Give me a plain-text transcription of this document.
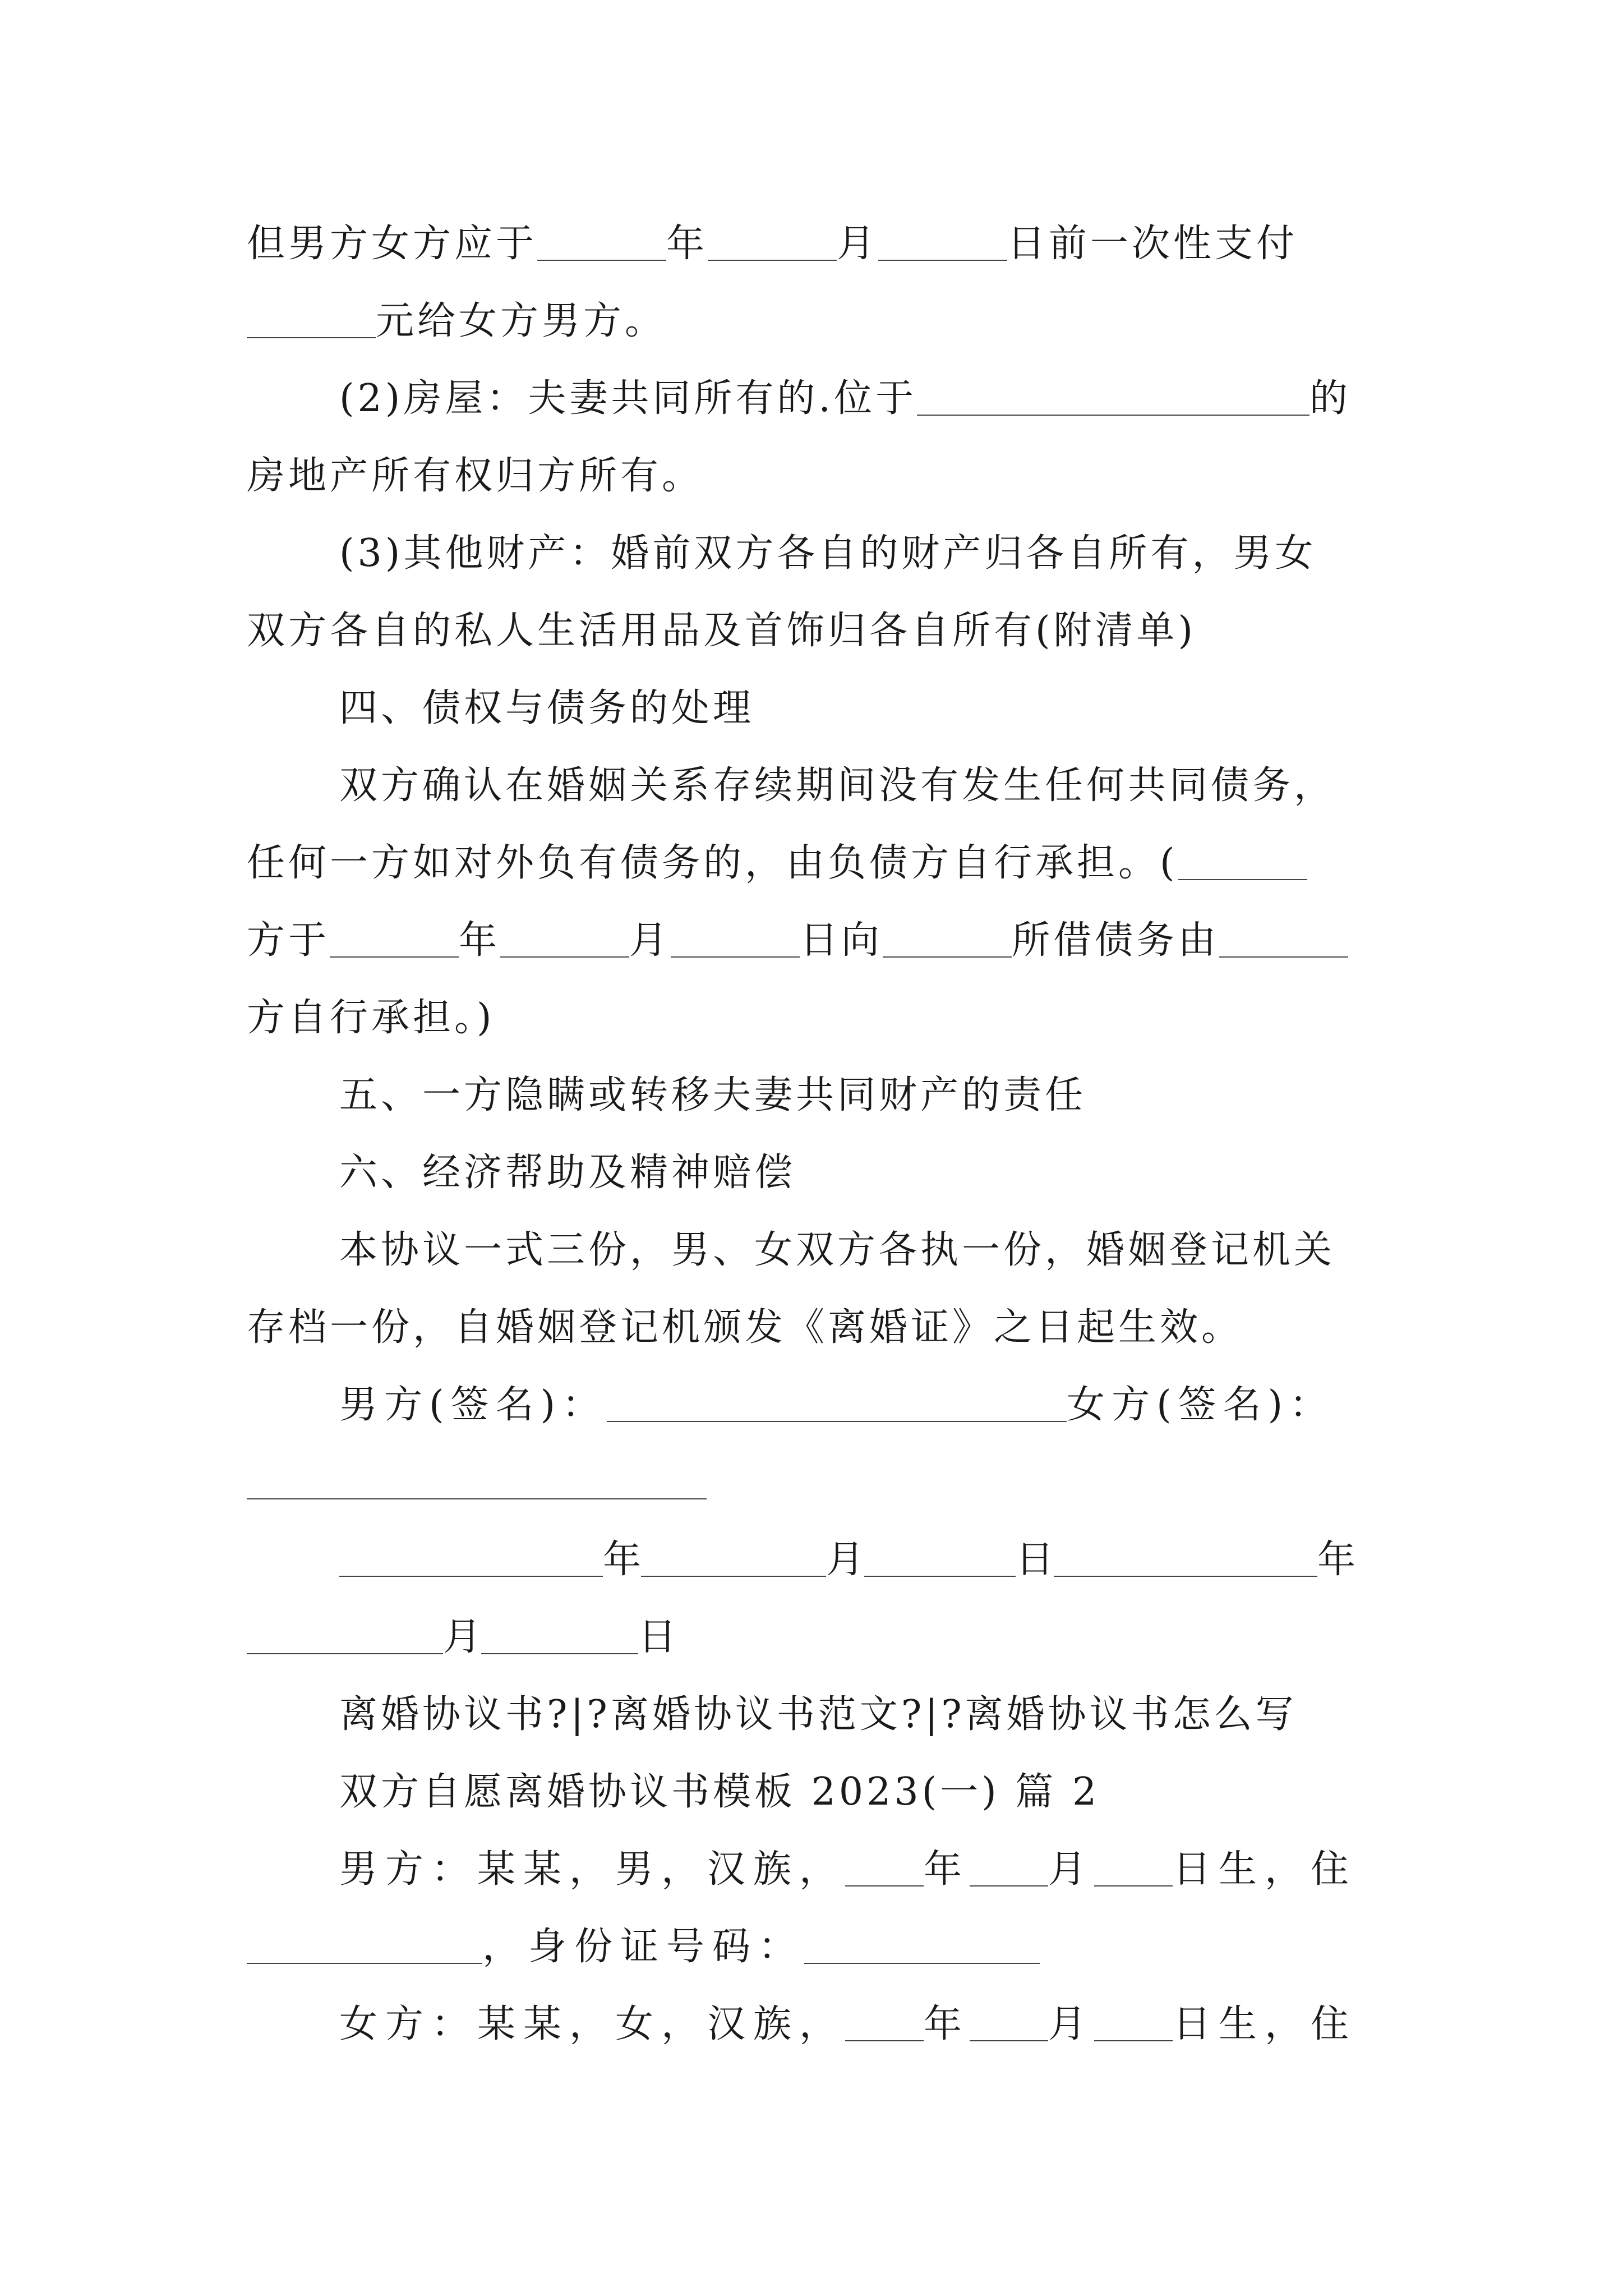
但男方女方应于	年	月	日前一次性支付
元给女方男方。
(2)房屋：夫妻共同所有的.位于	的
房地产所有权归方所有。
(3)其他财产：婚前双方各自的财产归各自所有，男女
双方各自的私人生活用品及首饰归各自所有(附清单)
四、债权与债务的处理
双方确认在婚姻关系存续期间没有发生任何共同债务，
任何一方如对外负有债务的，由负债方自行承担。(
方于	年	月	日向	所借债务由
方自行承担。)
五、一方隐瞒或转移夫妻共同财产的责任
六、经济帮助及精神赔偿
本协议一式三份，男、女双方各执一份，婚姻登记机关
存档一份，自婚姻登记机颁发《离婚证》之日起生效。
男方(签名)：	女方(签名)：
年	月	日	年
月	日
离婚协议书?|?离婚协议书范文?|?离婚协议书怎么写
双方自愿离婚协议书模板 2023(一) 篇 2
男方：某某，男，汉族， 年 月 日生，住
，身份证号码：
女方：某某，女，汉族， 年 月 日生，住
